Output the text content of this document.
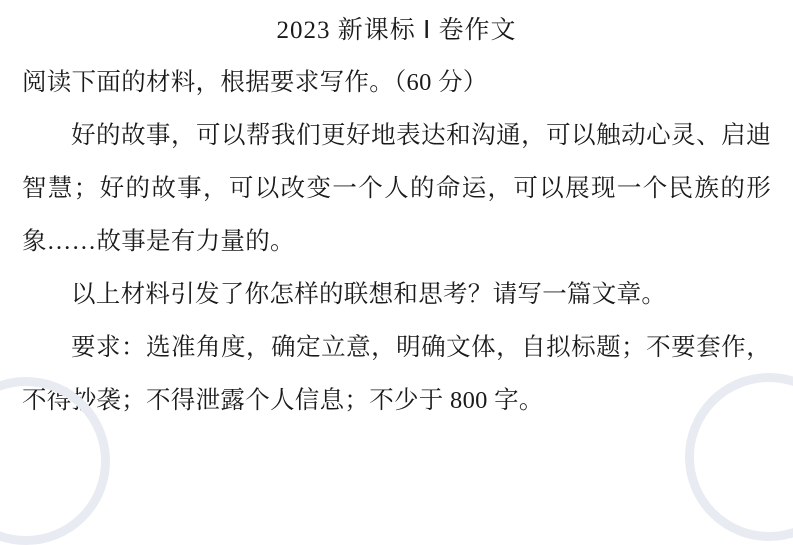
2023 新课标 Ⅰ 卷作文

阅读下面的材料，根据要求写作。（60 分）

好的故事，可以帮我们更好地表达和沟通，可以触动心灵、启迪智慧；好的故事，可以改变一个人的命运，可以展现一个民族的形象……故事是有力量的。

以上材料引发了你怎样的联想和思考？请写一篇文章。

要求：选准角度，确定立意，明确文体，自拟标题；不要套作，不得抄袭；不得泄露个人信息；不少于 800 字。
